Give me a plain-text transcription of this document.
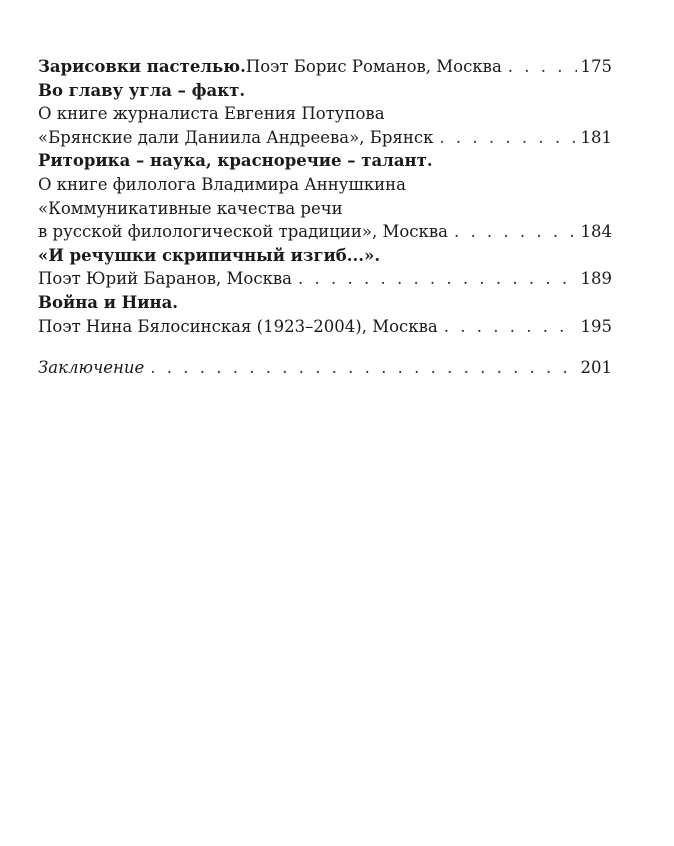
Зарисовки пастелью. Поэт Борис Романов, Москва . . .	175
Во главу угла – факт.
О книге журналиста Евгения Потупова
«Брянские дали Даниила Андреева», Брянск . . .	181
Риторика – наука, красноречие – талант.
О книге филолога Владимира Аннушкина
«Коммуникативные качества речи
в русской филологической традиции», Москва . . .	184
«И речушки скрипичный изгиб...».
Поэт Юрий Баранов, Москва . . .	189
Война и Нина.
Поэт Нина Бялосинская (1923–2004), Москва . . .	195
Заключение . . .	201
